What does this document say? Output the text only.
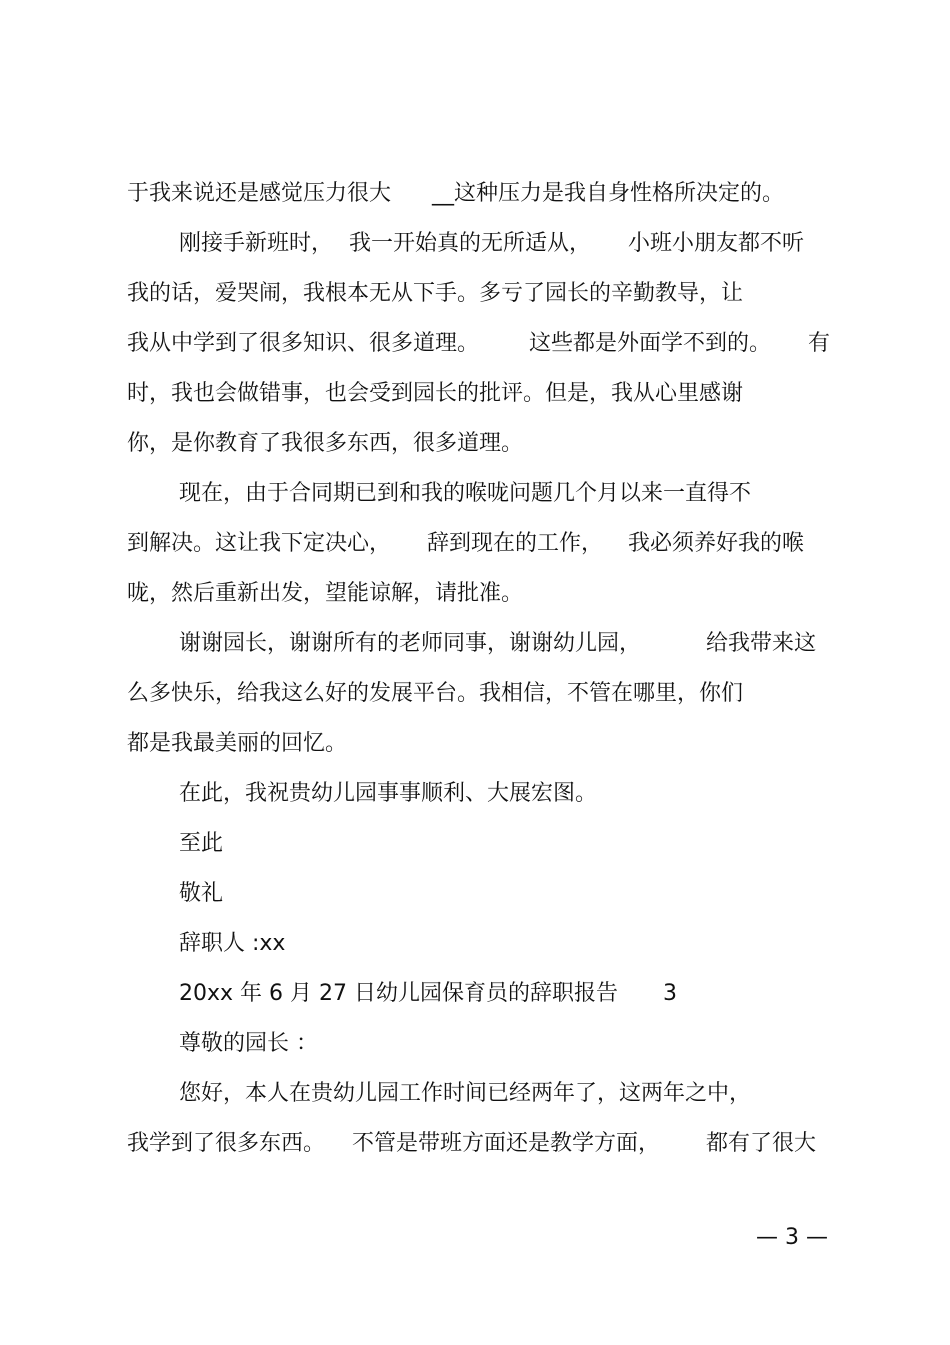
于我来说还是感觉压力很大

__这种压力是我自身性格所决定的。

刚接手新班时，

我一开始真的无所适从，

小班小朋友都不听

我的话，爱哭闹，我根本无从下手。多亏了园长的辛勤教导，让

我从中学到了很多知识、很多道理。

这些都是外面学不到的。

有

时，我也会做错事，也会受到园长的批评。但是，我从心里感谢

你，是你教育了我很多东西，很多道理。

现在，由于合同期已到和我的喉咙问题几个月以来一直得不

到解决。这让我下定决心，

辞到现在的工作，

我必须养好我的喉

咙，然后重新出发，望能谅解，请批准。

谢谢园长，谢谢所有的老师同事，谢谢幼儿园，

	给我带来这

么多快乐，给我这么好的发展平台。我相信，不管在哪里，你们

都是我最美丽的回忆。

在此，我祝贵幼儿园事事顺利、大展宏图。

至此

敬礼

辞职人 :xx

20xx 年 6 月 27 日幼儿园保育员的辞职报告

3

尊敬的园长 ：

您好，本人在贵幼儿园工作时间已经两年了，这两年之中，

我学到了很多东西。

不管是带班方面还是教学方面，

都有了很大

— 3 —
